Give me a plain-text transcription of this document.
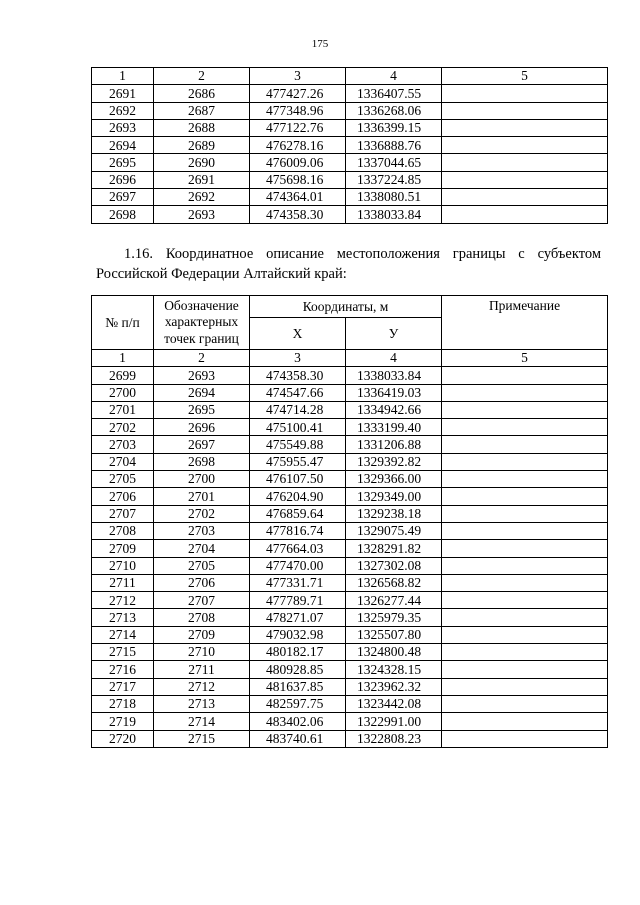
175
1	2	3	4	5
2691	2686	477427.26	1336407.55	
2692	2687	477348.96	1336268.06	
2693	2688	477122.76	1336399.15	
2694	2689	476278.16	1336888.76	
2695	2690	476009.06	1337044.65	
2696	2691	475698.16	1337224.85	
2697	2692	474364.01	1338080.51	
2698	2693	474358.30	1338033.84	
1.16. Координатное описание местоположения границы с субъектом
Российской Федерации Алтайский край:
№ п/п	Обозначение
характерных
точек границ	Координаты, м		Примечание
		Х	У	
1	2	3	4	5
2699	2693	474358.30	1338033.84	
2700	2694	474547.66	1336419.03	
2701	2695	474714.28	1334942.66	
2702	2696	475100.41	1333199.40	
2703	2697	475549.88	1331206.88	
2704	2698	475955.47	1329392.82	
2705	2700	476107.50	1329366.00	
2706	2701	476204.90	1329349.00	
2707	2702	476859.64	1329238.18	
2708	2703	477816.74	1329075.49	
2709	2704	477664.03	1328291.82	
2710	2705	477470.00	1327302.08	
2711	2706	477331.71	1326568.82	
2712	2707	477789.71	1326277.44	
2713	2708	478271.07	1325979.35	
2714	2709	479032.98	1325507.80	
2715	2710	480182.17	1324800.48	
2716	2711	480928.85	1324328.15	
2717	2712	481637.85	1323962.32	
2718	2713	482597.75	1323442.08	
2719	2714	483402.06	1322991.00	
2720	2715	483740.61	1322808.23	
